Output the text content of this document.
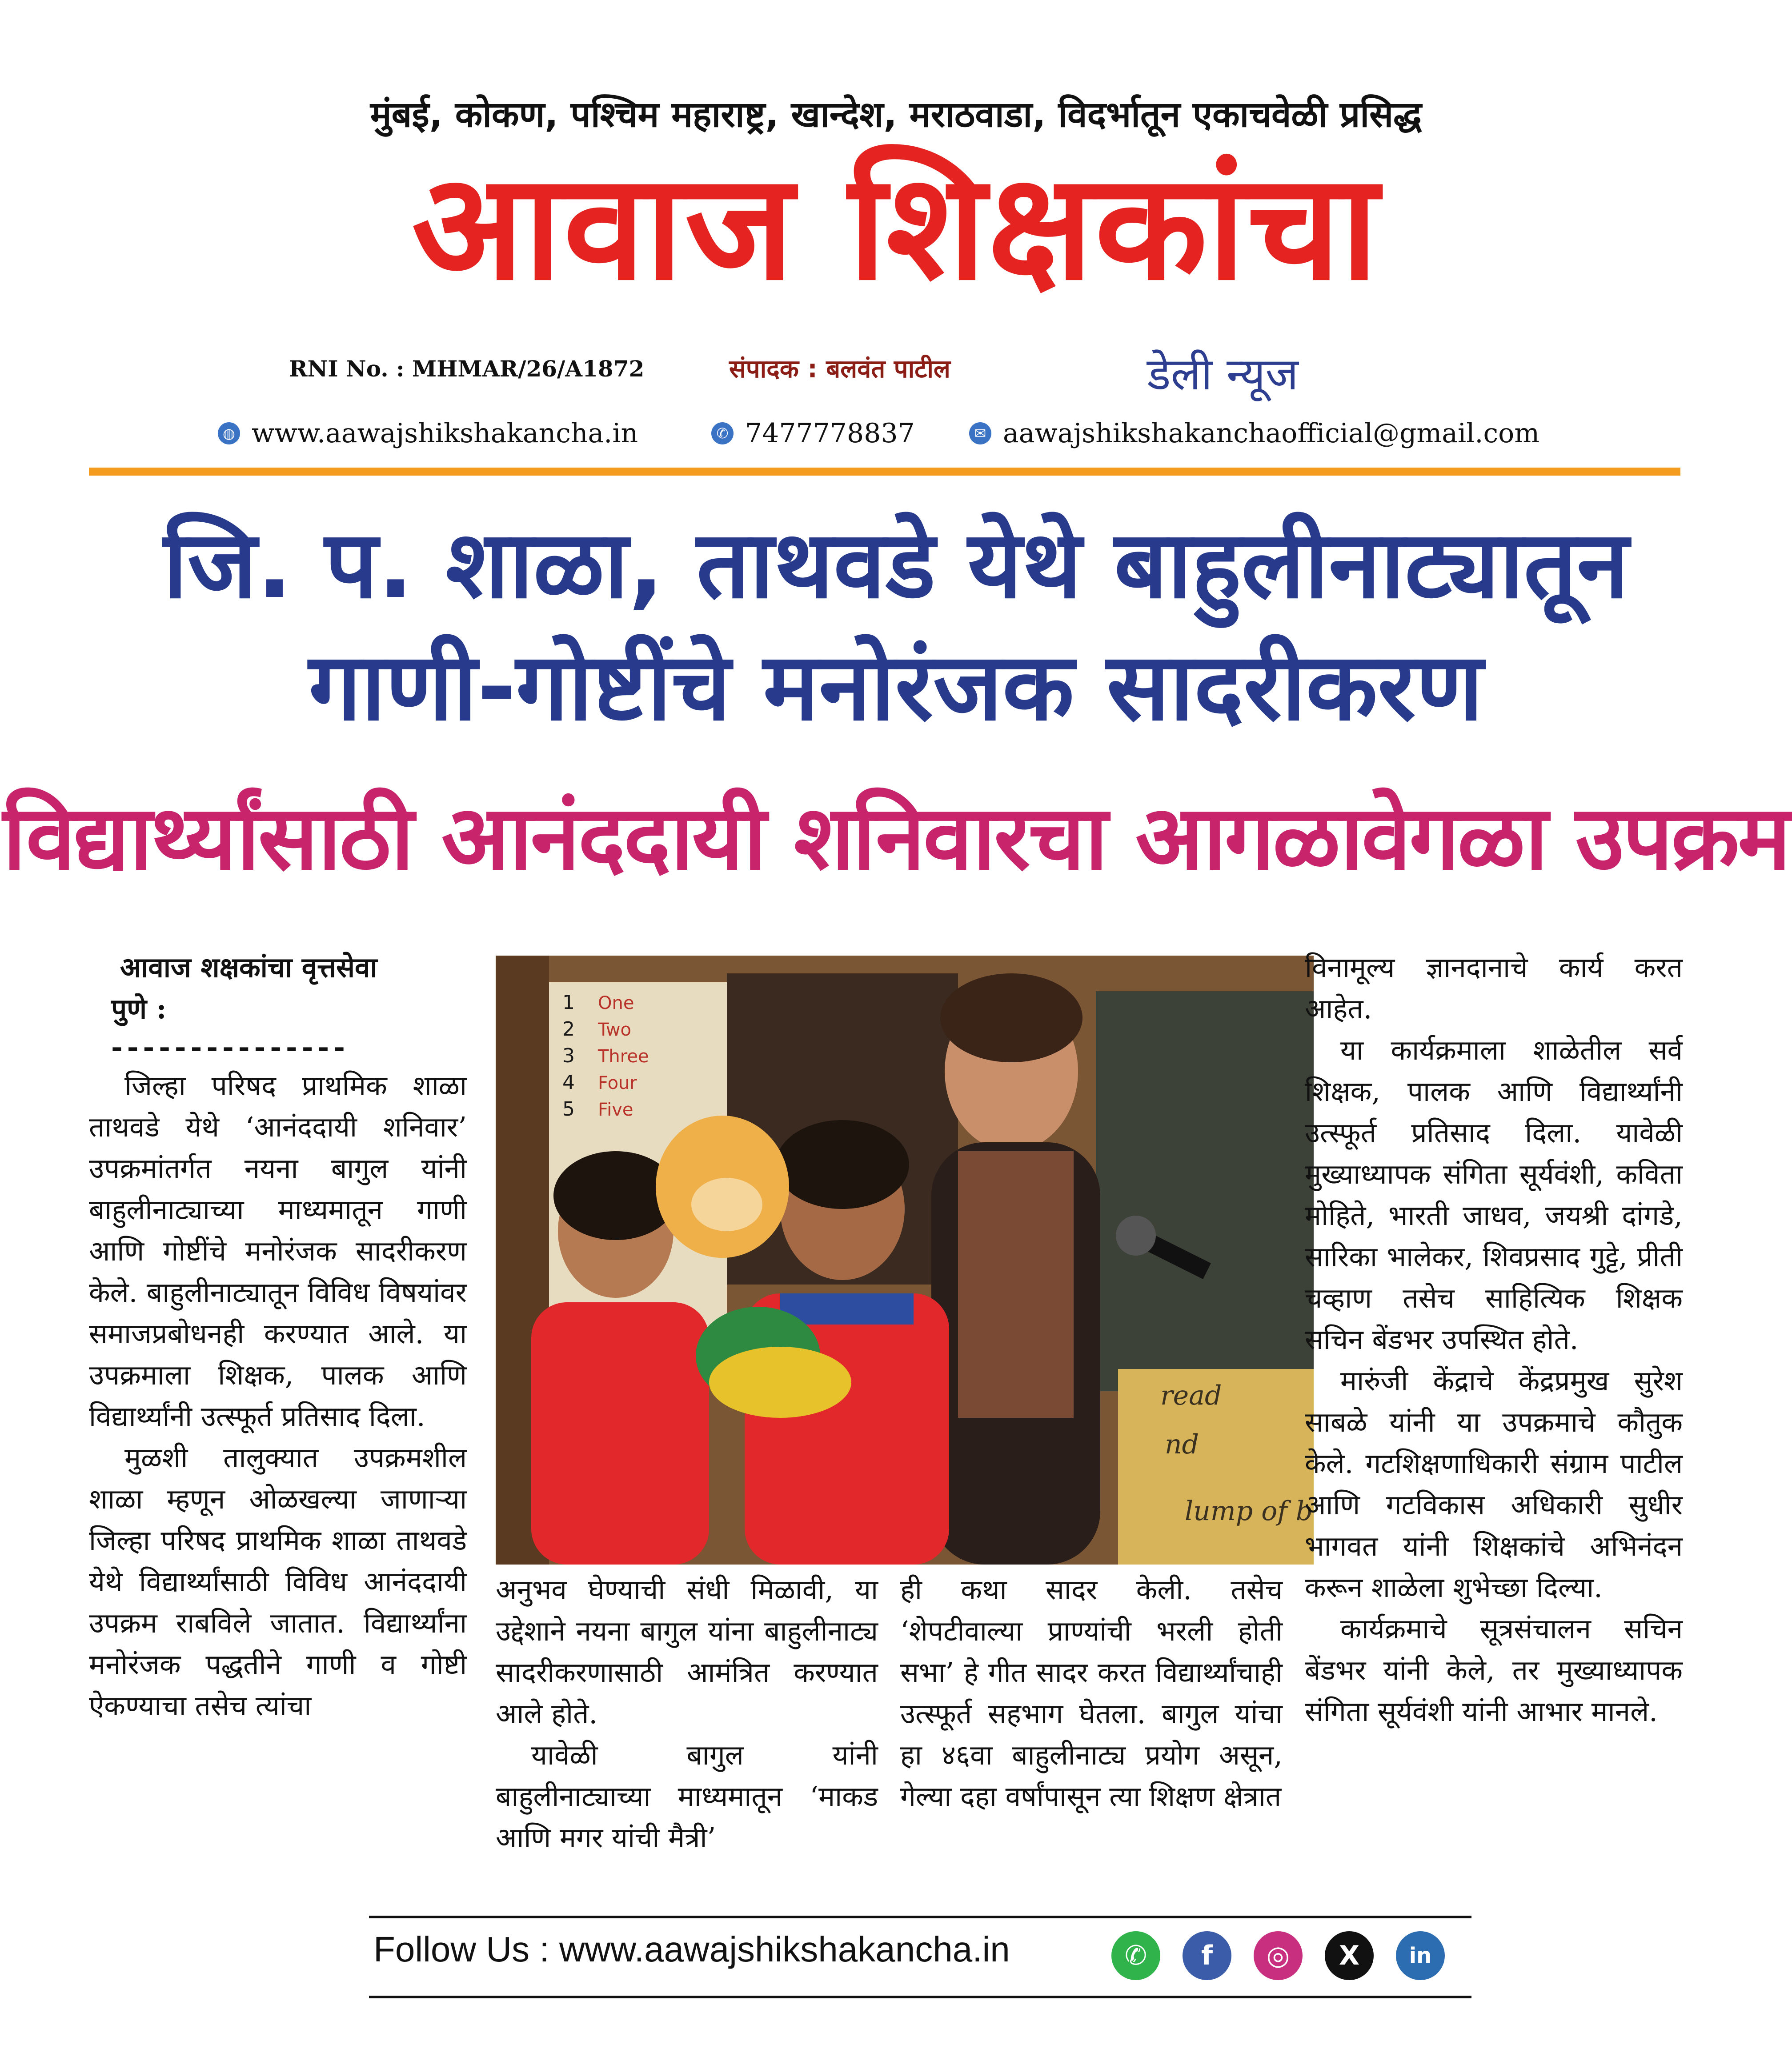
मुंबई, कोकण, पश्चिम महाराष्ट्र, खान्देश, मराठवाडा, विदर्भातून एकाचवेळी प्रसिद्ध
आवाज शिक्षकांचा
RNI No. : MHMAR/26/A1872	संपादक : बलवंत पाटील	डेली न्यूज
◍ www.aawajshikshakancha.in	✆ 7477778837	✉ aawajshikshakanchaofficial@gmail.com
जि. प. शाळा, ताथवडे येथे बाहुलीनाट्यातून
गाणी-गोष्टींचे मनोरंजक सादरीकरण
विद्यार्थ्यांसाठी आनंददायी शनिवारचा आगळावेगळा उपक्रम
आवाज शक्षकांचा वृत्तसेवा
पुणे :
---------------

जिल्हा परिषद प्राथमिक शाळा ताथवडे येथे ‘आनंददायी शनिवार’ उपक्रमांतर्गत नयना बागुल यांनी बाहुलीनाट्याच्या माध्यमातून गाणी आणि गोष्टींचे मनोरंजक सादरीकरण केले. बाहुलीनाट्यातून विविध विषयांवर समाजप्रबोधनही करण्यात आले. या उपक्रमाला शिक्षक, पालक आणि विद्यार्थ्यांनी उत्स्फूर्त प्रतिसाद दिला.

मुळशी तालुक्यात उपक्रमशील शाळा म्हणून ओळखल्या जाणाऱ्या जिल्हा परिषद प्राथमिक शाळा ताथवडे येथे विद्यार्थ्यांसाठी विविध आनंददायी उपक्रम राबविले जातात. विद्यार्थ्यांना मनोरंजक पद्धतीने गाणी व गोष्टी ऐकण्याचा तसेच त्यांचा

1
2
3
4
5
One
Two
Three
Four
Five
read
nd
lump of b

अनुभव घेण्याची संधी मिळावी, या उद्देशाने नयना बागुल यांना बाहुलीनाट्य सादरीकरणासाठी आमंत्रित करण्यात आले होते.

यावेळी बागुल यांनी बाहुलीनाट्याच्या माध्यमातून ‘माकड आणि मगर यांची मैत्री’

ही कथा सादर केली. तसेच ‘शेपटीवाल्या प्राण्यांची भरली होती सभा’ हे गीत सादर करत विद्यार्थ्यांचाही उत्स्फूर्त सहभाग घेतला. बागुल यांचा हा ४६वा बाहुलीनाट्य प्रयोग असून, गेल्या दहा वर्षांपासून त्या शिक्षण क्षेत्रात

विनामूल्य ज्ञानदानाचे कार्य करत आहेत.

या कार्यक्रमाला शाळेतील सर्व शिक्षक, पालक आणि विद्यार्थ्यांनी उत्स्फूर्त प्रतिसाद दिला. यावेळी मुख्याध्यापक संगिता सूर्यवंशी, कविता मोहिते, भारती जाधव, जयश्री दांगडे, सारिका भालेकर, शिवप्रसाद गुट्टे, प्रीती चव्हाण तसेच साहित्यिक शिक्षक सचिन बेंडभर उपस्थित होते.

मारुंजी केंद्राचे केंद्रप्रमुख सुरेश साबळे यांनी या उपक्रमाचे कौतुक केले. गटशिक्षणाधिकारी संग्राम पाटील आणि गटविकास अधिकारी सुधीर भागवत यांनी शिक्षकांचे अभिनंदन करून शाळेला शुभेच्छा दिल्या.

कार्यक्रमाचे सूत्रसंचालन सचिन बेंडभर यांनी केले, तर मुख्याध्यापक संगिता सूर्यवंशी यांनी आभार मानले.

Follow Us : www.aawajshikshakancha.in	✆	f	◎	X	in
